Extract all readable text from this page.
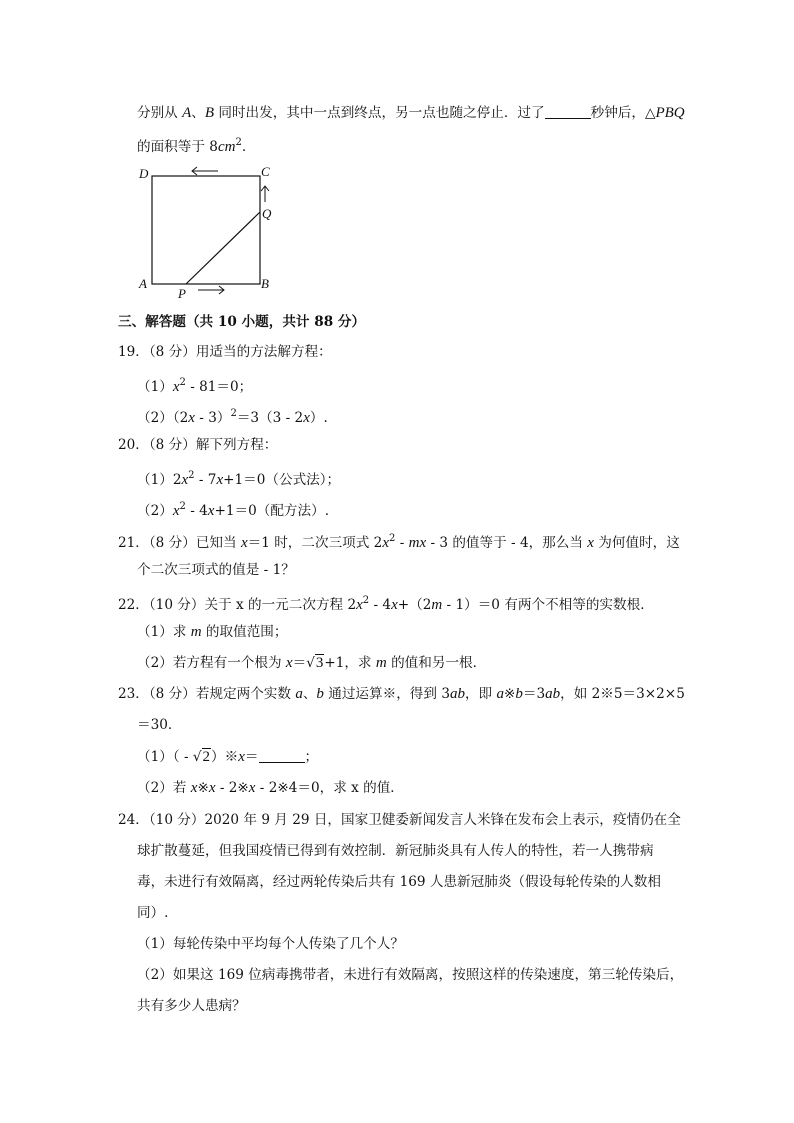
分别从 A、B 同时出发，其中一点到终点，另一点也随之停止．过了	秒钟后，△PBQ
的面积等于 $8cm^2$.
D	C
Q
A	B
P
三、解答题（共 10 小题，共计 88 分）
19．（8 分）用适当的方法解方程：
$(1)x^2 - 81=0$；
（2）（2x - 3）$^2$＝3（3 - 2x）.
20．（8 分）解下列方程：
$(1)2x^2 - 7x+1=0$（公式法）；
$(2)x^2 - 4x+1=0$（配方法）.
21．（8 分）已知当 x＝1 时，二次三项式 $2x^2$ - mx - 3 的值等于 - 4，那么当 x 为何值时，这
个二次三项式的值是 - 1？
22．（10 分）关于 x 的一元二次方程 $2x^2 - 4x+(2m - 1)=0$ 有两个不相等的实数根．
（1）求 m 的取值范围；
（2）若方程有一个根为 x＝√3+1，求 m 的值和另一根．
23．（8 分）若规定两个实数 a、b 通过运算※，得到 3ab，即 a※b＝3ab，如 2※5＝3×2×5
＝30．
（1）（ - √2）※x＝	；
（2）若 x※x - 2※x - 2※4＝0，求 x 的值．
24．（10 分）2020 年 9 月 29 日，国家卫健委新闻发言人米锋在发布会上表示，疫情仍在全
球扩散蔓延，但我国疫情已得到有效控制．新冠肺炎具有人传人的特性，若一人携带病
毒，未进行有效隔离，经过两轮传染后共有 169 人患新冠肺炎（假设每轮传染的人数相
同）.
（1）每轮传染中平均每个人传染了几个人？
（2）如果这 169 位病毒携带者，未进行有效隔离，按照这样的传染速度，第三轮传染后，
共有多少人患病？
